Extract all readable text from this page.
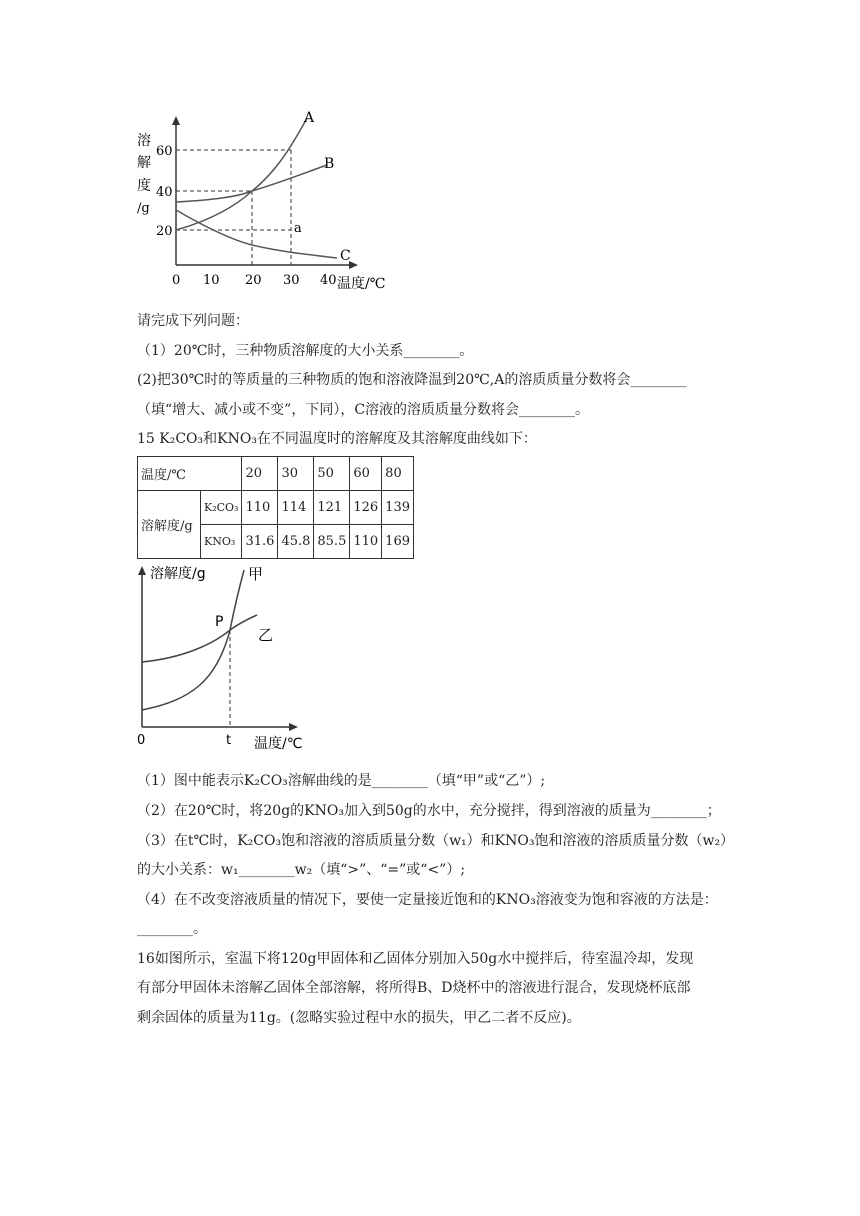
溶
解
度
/g
20
40
60
0 10 20 30 40 温度/℃
A
B
C
a
请完成下列问题：
（1）20℃时，三种物质溶解度的大小关系________。
(2)把30℃时的等质量的三种物质的饱和溶液降温到20℃,A的溶质质量分数将会________
（填“增大、减小或不变”，下同），C溶液的溶质质量分数将会________。
15 K₂CO₃和KNO₃在不同温度时的溶解度及其溶解度曲线如下：
温度/℃		20	30	50	60	80
溶解度/g	K₂CO₃	110	114	121	126	139
	KNO₃	31.6	45.8	85.5	110	169
溶解度/g
P
甲
乙
0	t 温度/℃
（1）图中能表示K₂CO₃溶解曲线的是________（填“甲”或“乙”）;
（2）在20℃时，将20g的KNO₃加入到50g的水中，充分搅拌，得到溶液的质量为________；
（3）在t℃时，K₂CO₃饱和溶液的溶质质量分数（w₁）和KNO₃饱和溶液的溶质质量分数（w₂）
的大小关系：w₁________w₂（填“>”、“=”或“<”）;
（4）在不改变溶液质量的情况下，要使一定量接近饱和的KNO₃溶液变为饱和容液的方法是：
________。
16如图所示，室温下将120g甲固体和乙固体分别加入50g水中搅拌后，待室温冷却，发现
有部分甲固体未溶解乙固体全部溶解，将所得B、D烧杯中的溶液进行混合，发现烧杯底部
剩余固体的质量为11g。(忽略实验过程中水的损失，甲乙二者不反应)。
